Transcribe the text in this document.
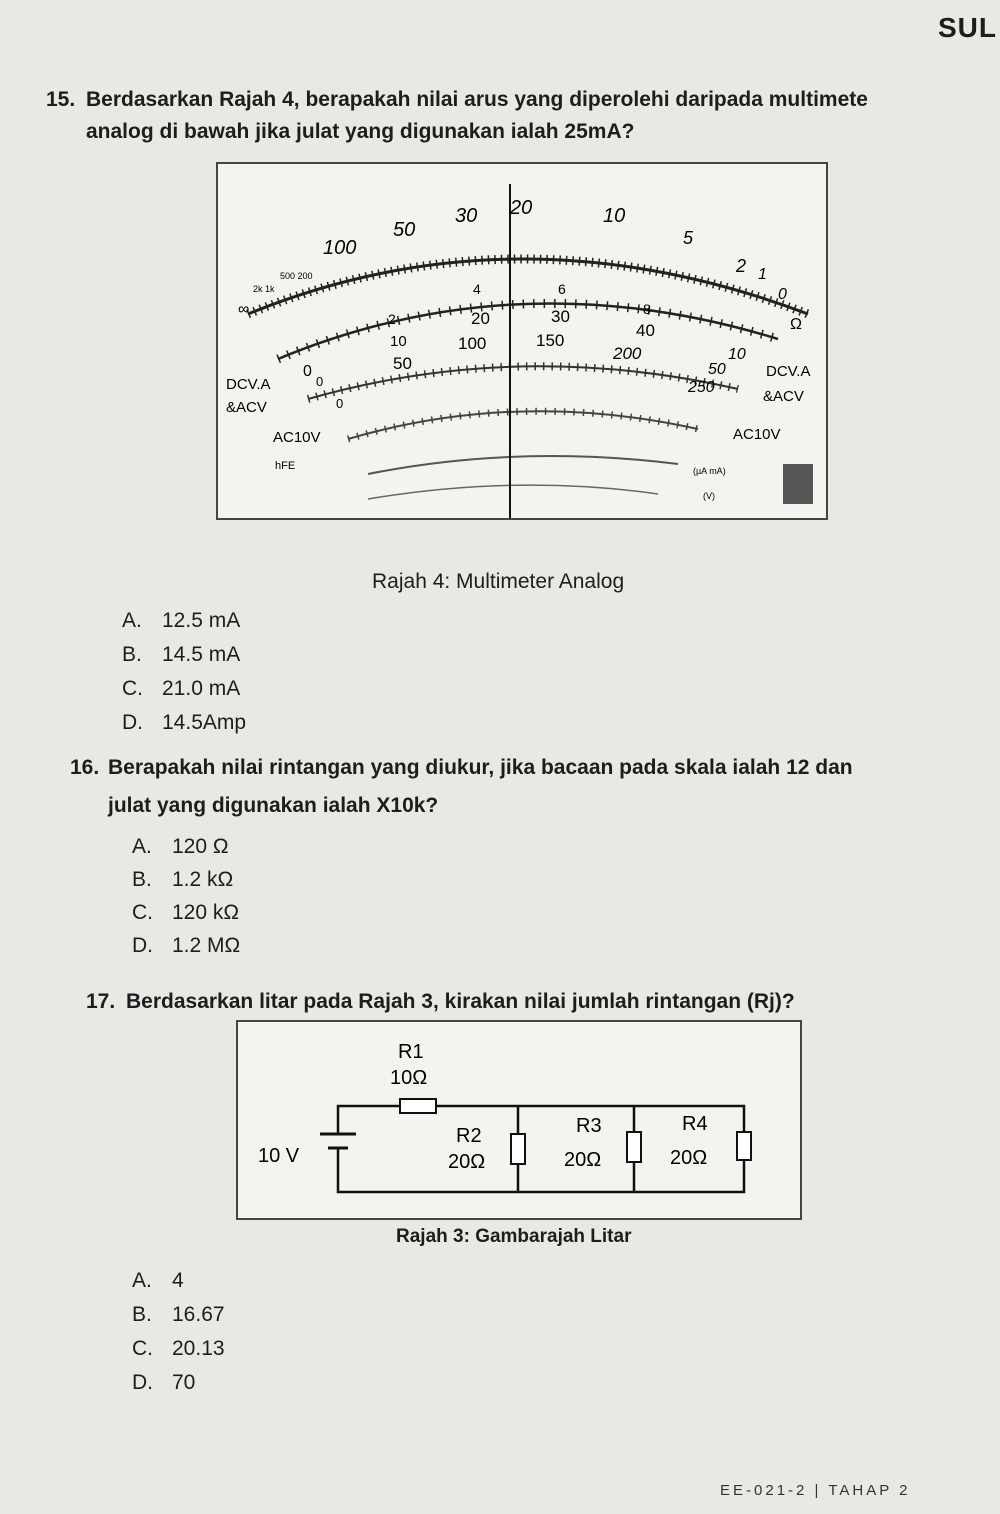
SUL
15. Berdasarkan Rajah 4, berapakah nilai arus yang diperolehi daripada multimete
analog di bawah jika julat yang digunakan ialah 25mA?
∞
2k 1k
500 200
100
50
30 20	10
5
2 1
0
Ω
4
2
6
8
10
10
20	30
40
50
0	50
100	150
200
250
0
0
DCV.A
&ACV
AC10V
hFE
DCV.A
&ACV
AC10V
(µA mA)
(V)
Rajah 4: Multimeter Analog
A. 12.5 mA
B. 14.5 mA
C. 21.0 mA
D. 14.5Amp
16. Berapakah nilai rintangan yang diukur, jika bacaan pada skala ialah 12 dan
julat yang digunakan ialah X10k?
A. 120 Ω
B. 1.2 kΩ
C. 120 kΩ
D. 1.2 MΩ
17. Berdasarkan litar pada Rajah 3, kirakan nilai jumlah rintangan (Rj)?
10 V
R1
10Ω
R2
20Ω
R3
20Ω
R4
20Ω
Rajah 3: Gambarajah Litar
A. 4
B. 16.67
C. 20.13
D. 70
EE-021-2 | TAHAP 2
